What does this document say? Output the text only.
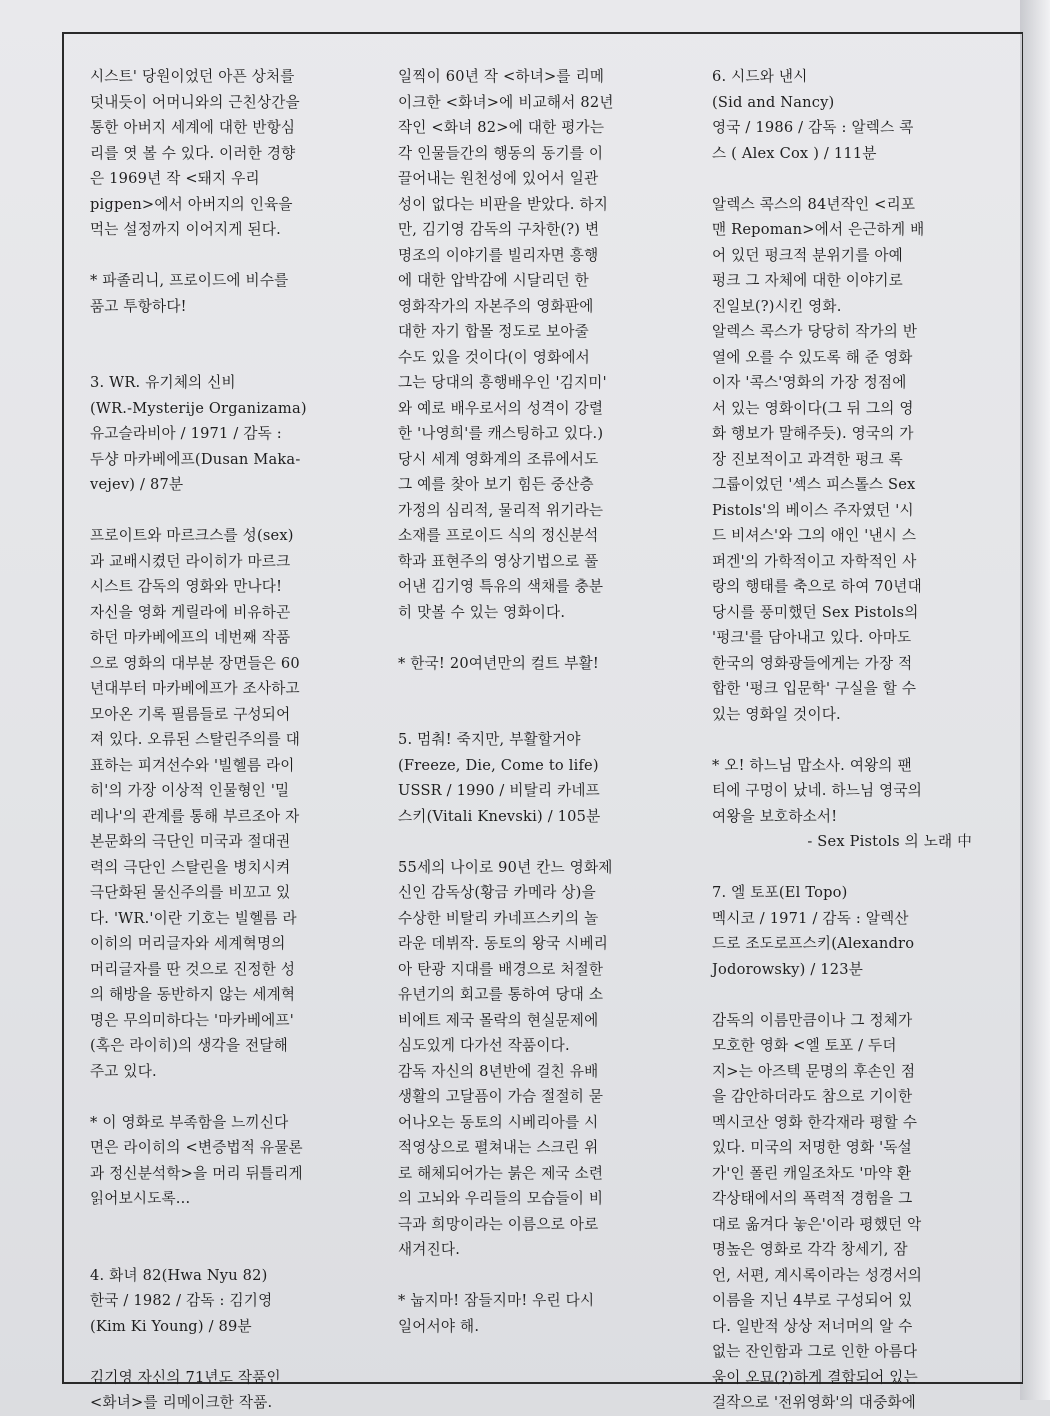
시스트' 당원이었던 아픈 상처를
덧내듯이 어머니와의 근친상간을
통한 아버지 세계에 대한 반항심
리를 엿 볼 수 있다. 이러한 경향
은 1969년 작 <돼지 우리
pigpen>에서 아버지의 인육을
먹는 설정까지 이어지게 된다.
* 파졸리니, 프로이드에 비수를
품고 투항하다!
3. WR. 유기체의 신비
(WR.-Mysterije Organizama)
유고슬라비아 / 1971 / 감독 :
두샹 마카베에프(Dusan Maka-
vejev) / 87분
프로이트와 마르크스를 성(sex)
과 교배시켰던 라이히가 마르크
시스트 감독의 영화와 만나다!
자신을 영화 게릴라에 비유하곤
하던 마카베에프의 네번째 작품
으로 영화의 대부분 장면들은 60
년대부터 마카베에프가 조사하고
모아온 기록 필름들로 구성되어
져 있다. 오류된 스탈린주의를 대
표하는 피겨선수와 '빌헬름 라이
히'의 가장 이상적 인물형인 '밀
레나'의 관계를 통해 부르조아 자
본문화의 극단인 미국과 절대권
력의 극단인 스탈린을 병치시켜
극단화된 물신주의를 비꼬고 있
다. 'WR.'이란 기호는 빌헬름 라
이히의 머리글자와 세계혁명의
머리글자를 딴 것으로 진정한 성
의 해방을 동반하지 않는 세계혁
명은 무의미하다는 '마카베에프'
(혹은 라이히)의 생각을 전달해
주고 있다.
* 이 영화로 부족함을 느끼신다
면은 라이히의 <변증법적 유물론
과 정신분석학>을 머리 뒤틀리게
읽어보시도록...
4. 화녀 82(Hwa Nyu 82)
한국 / 1982 / 감독 : 김기영
(Kim Ki Young) / 89분
김기영 자신의 71년도 작품인
<화녀>를 리메이크한 작품.
일찍이 60년 작 <하녀>를 리메
이크한 <화녀>에 비교해서 82년
작인 <화녀 82>에 대한 평가는
각 인물들간의 행동의 동기를 이
끌어내는 원천성에 있어서 일관
성이 없다는 비판을 받았다. 하지
만, 김기영 감독의 구차한(?) 변
명조의 이야기를 빌리자면 흥행
에 대한 압박감에 시달리던 한
영화작가의 자본주의 영화판에
대한 자기 합몰 정도로 보아줄
수도 있을 것이다(이 영화에서
그는 당대의 흥행배우인 '김지미'
와 예로 배우로서의 성격이 강렬
한 '나영희'를 캐스팅하고 있다.)
당시 세계 영화계의 조류에서도
그 예를 찾아 보기 힘든 중산층
가정의 심리적, 물리적 위기라는
소재를 프로이드 식의 정신분석
학과 표현주의 영상기법으로 풀
어낸 김기영 특유의 색채를 충분
히 맛볼 수 있는 영화이다.
* 한국! 20여년만의 컬트 부활!
5. 멈춰! 죽지만, 부활할거야
(Freeze, Die, Come to life)
USSR / 1990 / 비탈리 카네프
스키(Vitali Knevski) / 105분
55세의 나이로 90년 칸느 영화제
신인 감독상(황금 카메라 상)을
수상한 비탈리 카네프스키의 놀
라운 데뷔작. 동토의 왕국 시베리
아 탄광 지대를 배경으로 처절한
유년기의 회고를 통하여 당대 소
비에트 제국 몰락의 현실문제에
심도있게 다가선 작품이다.
감독 자신의 8년반에 걸친 유배
생활의 고달픔이 가슴 절절히 묻
어나오는 동토의 시베리아를 시
적영상으로 펼쳐내는 스크린 위
로 해체되어가는 붉은 제국 소련
의 고뇌와 우리들의 모습들이 비
극과 희망이라는 이름으로 아로
새겨진다.
* 눕지마! 잠들지마! 우린 다시
일어서야 해.
6. 시드와 낸시
(Sid and Nancy)
영국 / 1986 / 감독 : 알렉스 콕
스 ( Alex Cox ) / 111분
알렉스 콕스의 84년작인 <리포
맨 Repoman>에서 은근하게 배
어 있던 펑크적 분위기를 아예
펑크 그 자체에 대한 이야기로
진일보(?)시킨 영화.
알렉스 콕스가 당당히 작가의 반
열에 오를 수 있도록 해 준 영화
이자 '콕스'영화의 가장 정점에
서 있는 영화이다(그 뒤 그의 영
화 행보가 말해주듯). 영국의 가
장 진보적이고 과격한 펑크 록
그룹이었던 '섹스 피스톨스 Sex
Pistols'의 베이스 주자였던 '시
드 비셔스'와 그의 애인 '낸시 스
퍼겐'의 가학적이고 자학적인 사
랑의 행태를 축으로 하여 70년대
당시를 풍미했던 Sex Pistols의
'펑크'를 담아내고 있다. 아마도
한국의 영화광들에게는 가장 적
합한 '펑크 입문학' 구실을 할 수
있는 영화일 것이다.
* 오! 하느님 맙소사. 여왕의 팬
티에 구멍이 났네. 하느님 영국의
여왕을 보호하소서!
- Sex Pistols 의 노래 中
7. 엘 토포(El Topo)
멕시코 / 1971 / 감독 : 알렉산
드로 조도로프스키(Alexandro
Jodorowsky) / 123분
감독의 이름만큼이나 그 정체가
모호한 영화 <엘 토포 / 두더
지>는 아즈텍 문명의 후손인 점
을 감안하더라도 참으로 기이한
멕시코산 영화 한각재라 평할 수
있다. 미국의 저명한 영화 '독설
가'인 폴린 캐일조차도 '마약 환
각상태에서의 폭력적 경험을 그
대로 옮겨다 놓은'이라 평했던 악
명높은 영화로 각각 창세기, 잠
언, 서편, 계시록이라는 성경서의
이름을 지닌 4부로 구성되어 있
다. 일반적 상상 저너머의 알 수
없는 잔인함과 그로 인한 아름다
움이 오묘(?)하게 결합되어 있는
걸작으로 '전위영화'의 대중화에
